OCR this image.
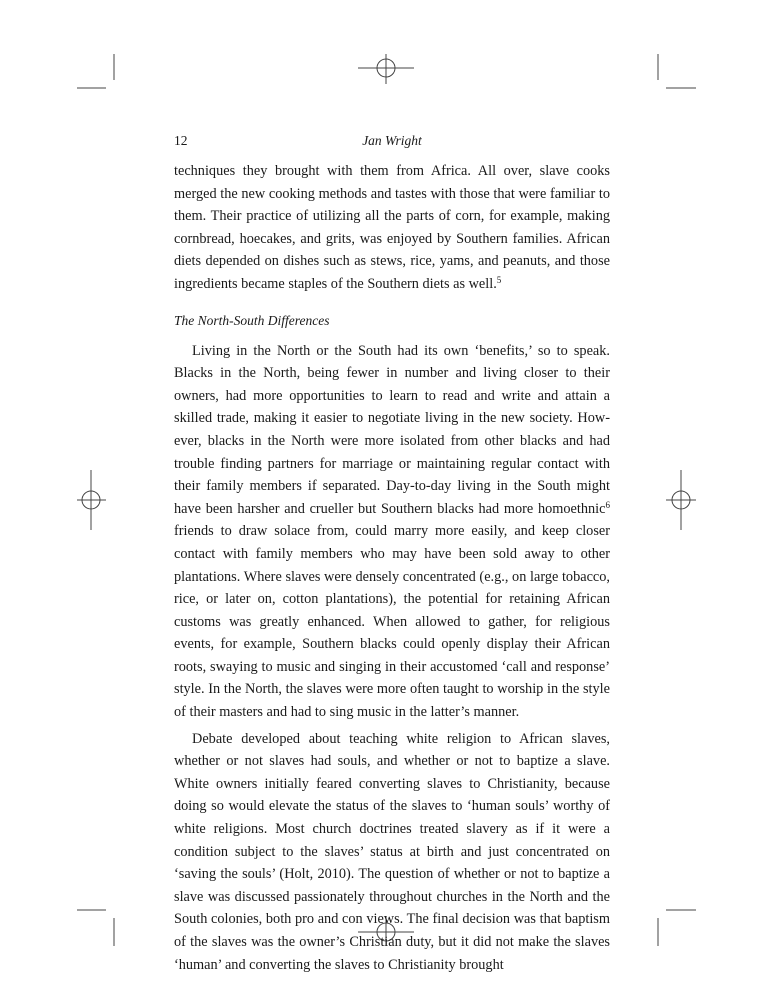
12	Jan Wright

techniques they brought with them from Africa. All over, slave cooks merged the new cooking methods and tastes with those that were familiar to them. Their practice of utilizing all the parts of corn, for example, making cornbread, hoecakes, and grits, was enjoyed by Southern families. African diets depended on dishes such as stews, rice, yams, and peanuts, and those ingredients became staples of the Southern diets as well.$^5$

The North-South Differences

Living in the North or the South had its own ‘benefits,’ so to speak. Blacks in the North, being fewer in number and living closer to their owners, had more opportunities to learn to read and write and attain a skilled trade, making it easier to negotiate living in the new society. However, blacks in the North were more isolated from other blacks and had trouble finding partners for marriage or maintaining regular contact with their family members if separated. Day-to-day living in the South might have been harsher and crueller but Southern blacks had more homoethnic$^6$ friends to draw solace from, could marry more easily, and keep closer contact with family members who may have been sold away to other plantations. Where slaves were densely concentrated (e.g., on large tobacco, rice, or later on, cotton plantations), the potential for retaining African customs was greatly enhanced. When allowed to gather, for religious events, for example, Southern blacks could openly display their African roots, swaying to music and singing in their accustomed ‘call and response’ style. In the North, the slaves were more often taught to worship in the style of their masters and had to sing music in the latter’s manner.

Debate developed about teaching white religion to African slaves, whether or not slaves had souls, and whether or not to baptize a slave. White owners initially feared converting slaves to Christianity, because doing so would elevate the status of the slaves to ‘human souls’ worthy of white religions. Most church doctrines treated slavery as if it were a condition subject to the slaves’ status at birth and just concentrated on ‘saving the souls’ (Holt, 2010). The question of whether or not to baptize a slave was discussed passionately throughout churches in the North and the South colonies, both pro and con views. The final decision was that baptism of the slaves was the owner’s Christian duty, but it did not make the slaves ‘human’ and converting the slaves to Christianity brought
